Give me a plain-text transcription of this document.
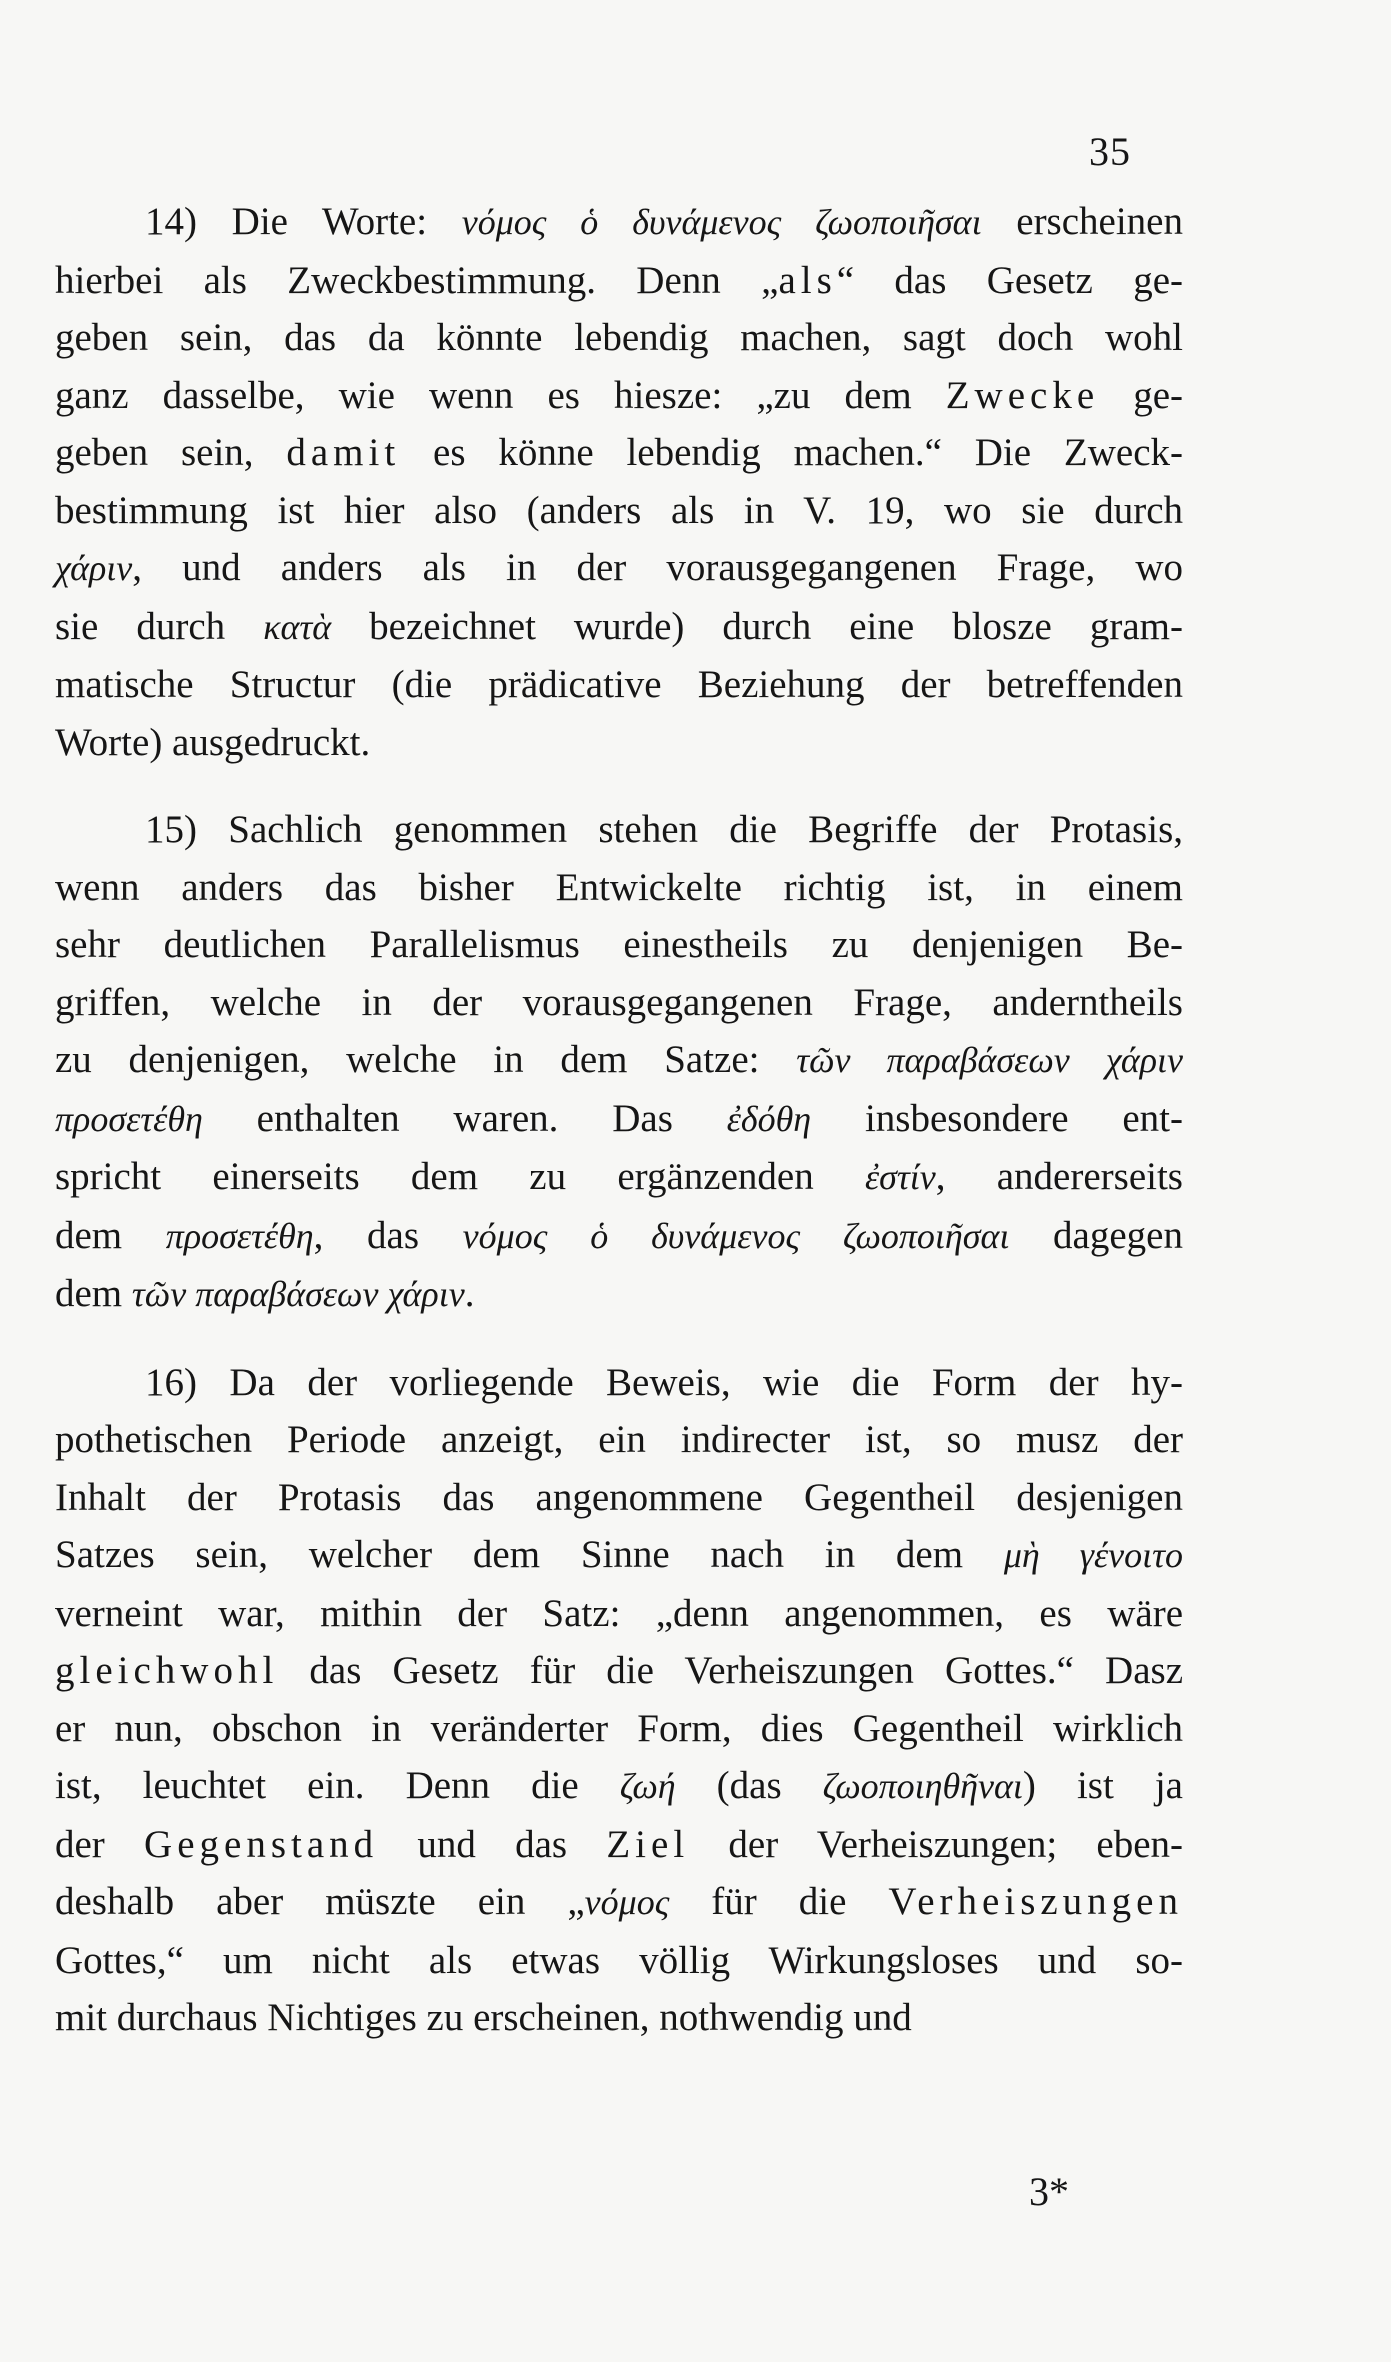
35
14) Die Worte: νόμος ὁ δυνάμενος ζωοποιῆσαι erscheinen
hierbei als Zweckbestimmung. Denn „als“ das Gesetz ge-
geben sein, das da könnte lebendig machen, sagt doch wohl
ganz dasselbe, wie wenn es hiesze: „zu dem Zwecke ge-
geben sein, damit es könne lebendig machen.“ Die Zweck-
bestimmung ist hier also (anders als in V. 19, wo sie durch
χάριν, und anders als in der vorausgegangenen Frage, wo
sie durch κατὰ bezeichnet wurde) durch eine blosze gram-
matische Structur (die prädicative Beziehung der betreffenden
Worte) ausgedruckt.
15) Sachlich genommen stehen die Begriffe der Protasis,
wenn anders das bisher Entwickelte richtig ist, in einem
sehr deutlichen Parallelismus einestheils zu denjenigen Be-
griffen, welche in der vorausgegangenen Frage, anderntheils
zu denjenigen, welche in dem Satze: τῶν παραβάσεων χάριν
προσετέθη enthalten waren. Das ἐδόθη insbesondere ent-
spricht einerseits dem zu ergänzenden ἐστίν, andererseits
dem προσετέθη, das νόμος ὁ δυνάμενος ζωοποιῆσαι dagegen
dem τῶν παραβάσεων χάριν.
16) Da der vorliegende Beweis, wie die Form der hy-
pothetischen Periode anzeigt, ein indirecter ist, so musz der
Inhalt der Protasis das angenommene Gegentheil desjenigen
Satzes sein, welcher dem Sinne nach in dem μὴ γένοιτο
verneint war, mithin der Satz: „denn angenommen, es wäre
gleichwohl das Gesetz für die Verheiszungen Gottes.“ Dasz
er nun, obschon in veränderter Form, dies Gegentheil wirklich
ist, leuchtet ein. Denn die ζωή (das ζωοποιηθῆναι) ist ja
der Gegenstand und das Ziel der Verheiszungen; eben-
deshalb aber müszte ein „νόμος für die Verheiszungen
Gottes,“ um nicht als etwas völlig Wirkungsloses und so-
mit durchaus Nichtiges zu erscheinen, nothwendig und
3*
